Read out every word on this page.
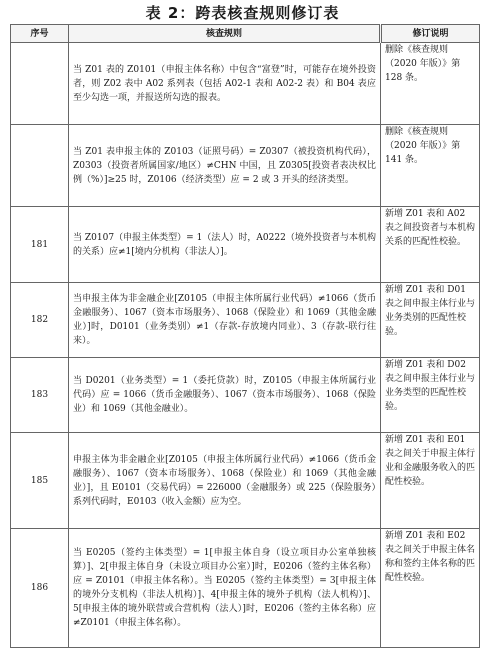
表 2：跨表核查规则修订表
序号	核查规则	修订说明

	当 Z01 表的 Z0101（申报主体名称）中包含“富登”时，可能存在境外投资者，则 Z02 表中 A02 系列表（包括 A02-1 表和 A02-2 表）和 B04 表应至少勾选一项，并报送所勾选的报表。	删除《核查规则（2020 年版）》第 128 条。

	当 Z01 表申报主体的 Z0103（证照号码）= Z0307（被投资机构代码），Z0303（投资者所属国家/地区）≠CHN 中国，且 Z0305[投资者表决权比例（%）]≥25 时，Z0106（经济类型）应 = 2 或 3 开头的经济类型。	删除《核查规则（2020 年版）》第 141 条。
181	当 Z0107（申报主体类型）= 1（法人）时，A0222（境外投资者与本机构的关系）应≠1[境内分机构（非法人）]。	新增 Z01 表和 A02 表之间投资者与本机构关系的匹配性校验。
182	当申报主体为非金融企业[Z0105（申报主体所属行业代码）≠1066（货币金融服务）、1067（资本市场服务）、1068（保险业）和 1069（其他金融业）]时，D0101（业务类别）≠1（存款-存放境内同业）、3（存款-联行往来）。	新增 Z01 表和 D01 表之间申报主体行业与业务类别的匹配性校验。
183	当 D0201（业务类型）= 1（委托贷款）时，Z0105（申报主体所属行业代码）应 = 1066（货币金融服务）、1067（资本市场服务）、1068（保险业）和 1069（其他金融业）。	新增 Z01 表和 D02 表之间申报主体行业与业务类型的匹配性校验。
185	申报主体为非金融企业[Z0105（申报主体所属行业代码）≠1066（货币金融服务）、1067（资本市场服务）、1068（保险业）和 1069（其他金融业）]，且 E0101（交易代码）= 226000（金融服务）或 225（保险服务）系列代码时，E0103（收入金额）应为空。	新增 Z01 表和 E01 表之间关于申报主体行业和金融服务收入的匹配性校验。
186	当 E0205（签约主体类型）= 1[申报主体自身（设立项目办公室单独核算）]、2[申报主体自身（未设立项目办公室）]时，E0206（签约主体名称）应 = Z0101（申报主体名称）。当 E0205（签约主体类型）= 3[申报主体的境外分支机构（非法人机构）]、4[申报主体的境外子机构（法人机构）]、5[申报主体的境外联营或合营机构（法人）]时，E0206（签约主体名称）应≠Z0101（申报主体名称）。	新增 Z01 表和 E02 表之间关于申报主体名称和签约主体名称的匹配性校验。
